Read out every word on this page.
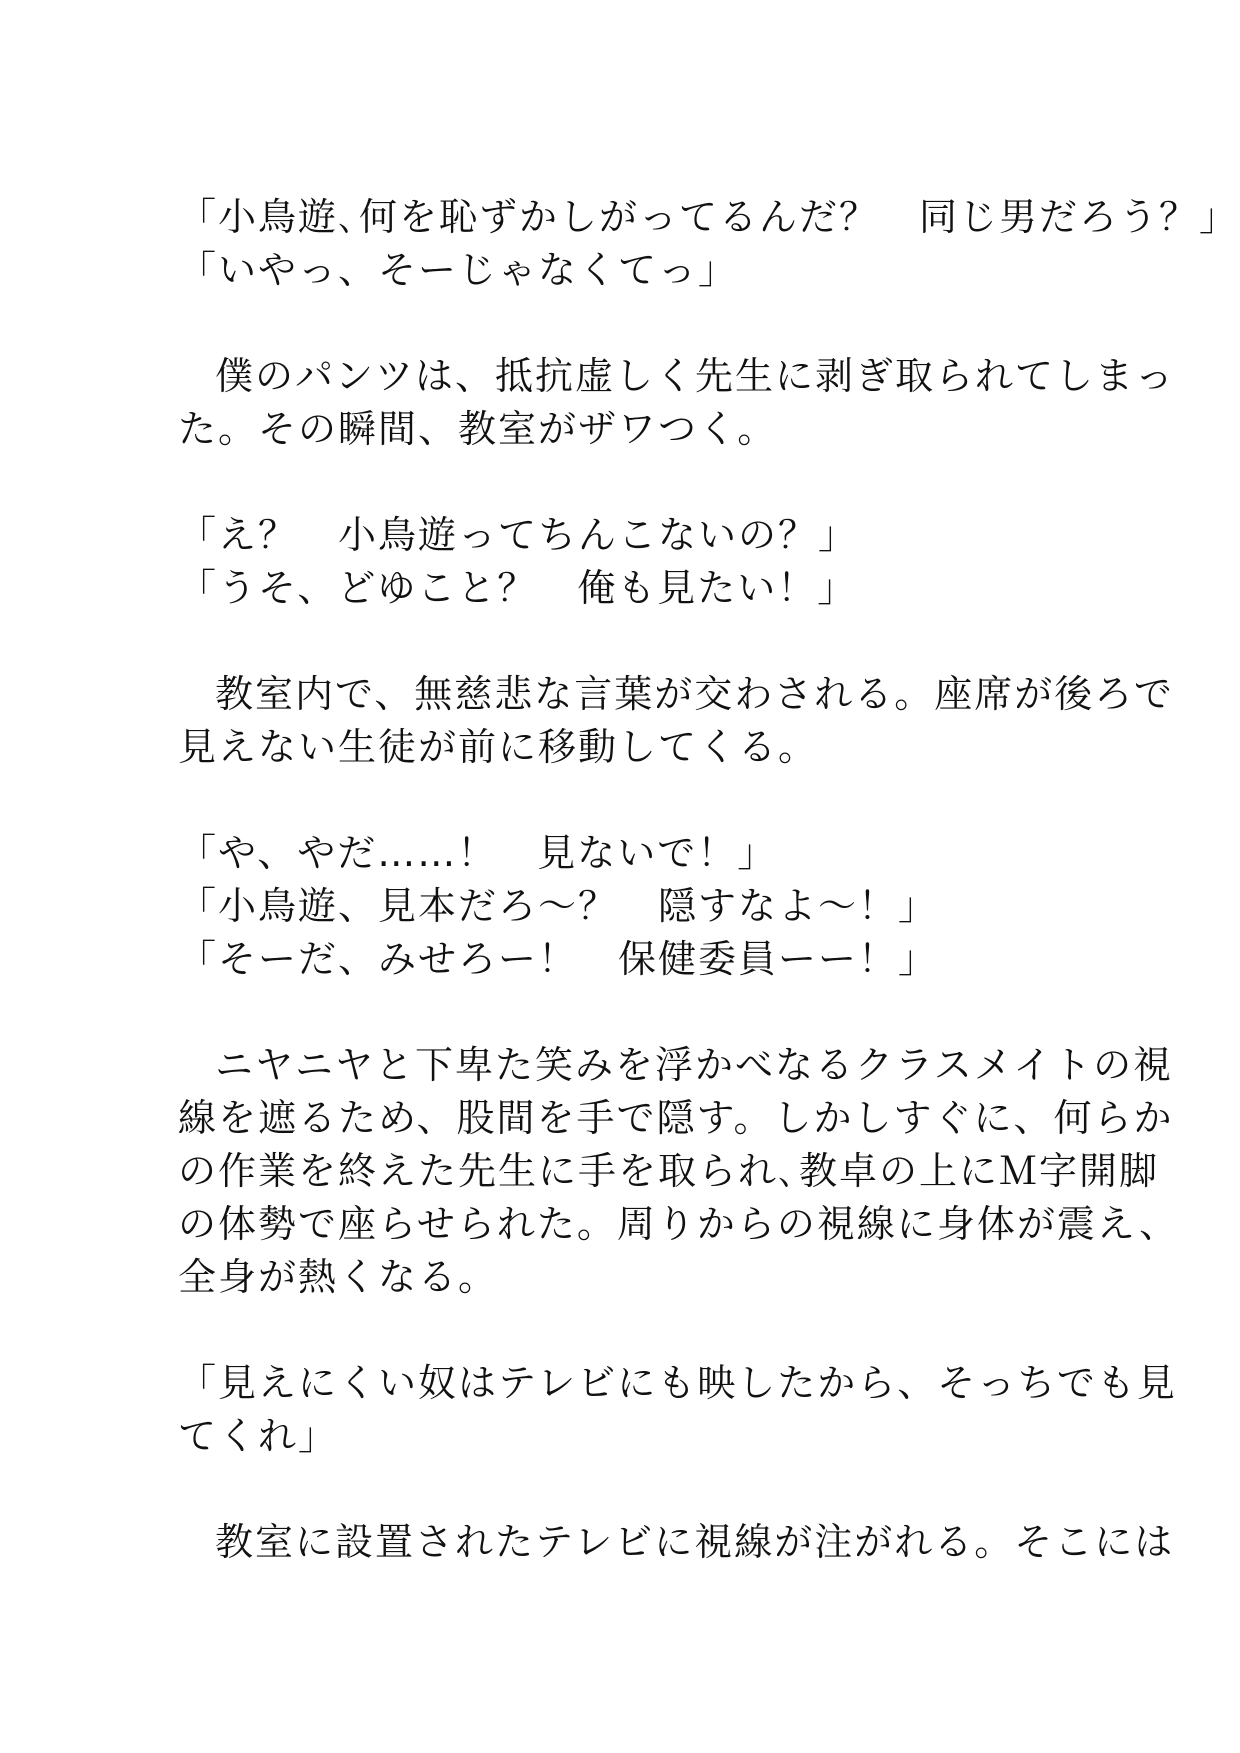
「小鳥遊､何を恥ずかしがってるんだ？　同じ男だろう？」
「いやっ、そーじゃなくてっ」
僕のパンツは、抵抗虚しく先生に剥ぎ取られてしまっ
た。その瞬間、教室がザワつく。
「え？　小鳥遊ってちんこないの？」
「うそ、どゆこと？　俺も見たい！」
教室内で、無慈悲な言葉が交わされる。座席が後ろで
見えない生徒が前に移動してくる。
「や、やだ……！　見ないで！」
「小鳥遊、見本だろ〜？　隠すなよ〜！」
「そーだ、みせろー！　保健委員ーー！」
ニヤニヤと下卑た笑みを浮かべなるクラスメイトの視
線を遮るため、股間を手で隠す。しかしすぐに、何らか
の作業を終えた先生に手を取られ､教卓の上にＭ字開脚
の体勢で座らせられた。周りからの視線に身体が震え、
全身が熱くなる。
「見えにくい奴はテレビにも映したから、そっちでも見
てくれ」
教室に設置されたテレビに視線が注がれる。そこには
